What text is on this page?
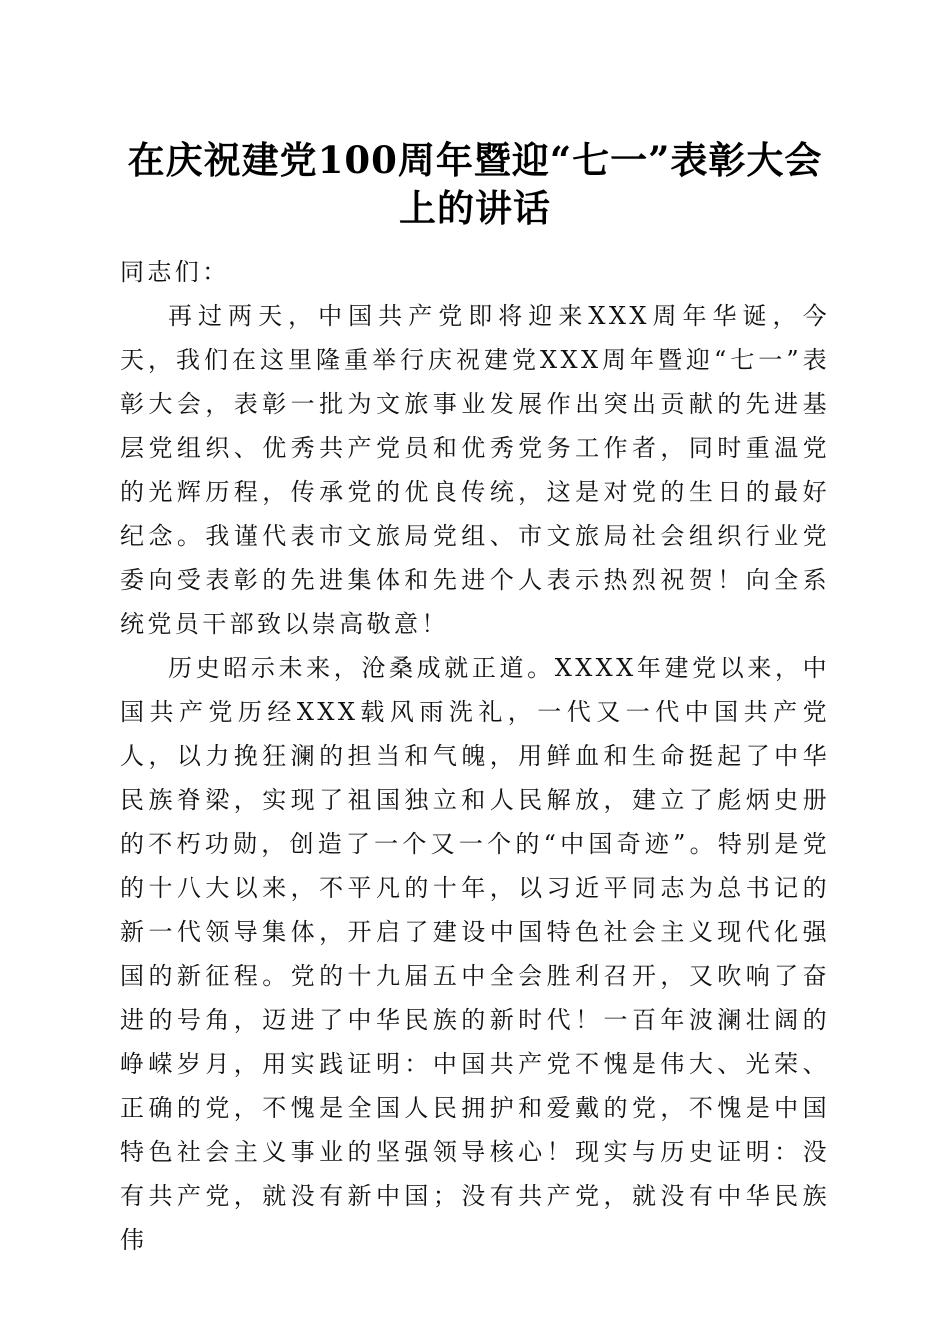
在庆祝建党100周年暨迎“七一”表彰大会上的讲话

同志们：

再过两天，中国共产党即将迎来XXX周年华诞，今天，我们在这里隆重举行庆祝建党XXX周年暨迎“七一”表彰大会，表彰一批为文旅事业发展作出突出贡献的先进基层党组织、优秀共产党员和优秀党务工作者，同时重温党的光辉历程，传承党的优良传统，这是对党的生日的最好纪念。我谨代表市文旅局党组、市文旅局社会组织行业党委向受表彰的先进集体和先进个人表示热烈祝贺！向全系统党员干部致以崇高敬意！

历史昭示未来，沧桑成就正道。XXXX年建党以来，中国共产党历经XXX载风雨洗礼，一代又一代中国共产党人，以力挽狂澜的担当和气魄，用鲜血和生命挺起了中华民族脊梁，实现了祖国独立和人民解放，建立了彪炳史册的不朽功勋，创造了一个又一个的“中国奇迹”。特别是党的十八大以来，不平凡的十年，以习近平同志为总书记的新一代领导集体，开启了建设中国特色社会主义现代化强国的新征程。党的十九届五中全会胜利召开，又吹响了奋进的号角，迈进了中华民族的新时代！一百年波澜壮阔的峥嵘岁月，用实践证明：中国共产党不愧是伟大、光荣、正确的党，不愧是全国人民拥护和爱戴的党，不愧是中国特色社会主义事业的坚强领导核心！现实与历史证明：没有共产党，就没有新中国；没有共产党，就没有中华民族伟
